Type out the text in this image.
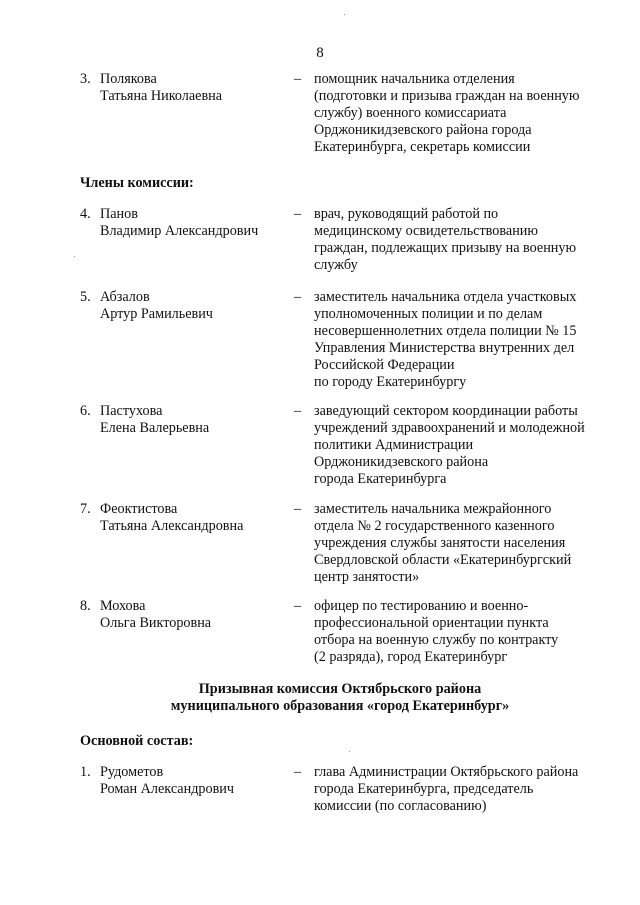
8
3. Полякова
Татьяна Николаевна
– помощник начальника отделения
(подготовки и призыва граждан на военную
службу) военного комиссариата
Орджоникидзевского района города
Екатеринбурга, секретарь комиссии
Члены комиссии:
4. Панов
Владимир Александрович
– врач, руководящий работой по
медицинскому освидетельствованию
граждан, подлежащих призыву на военную
службу
5. Абзалов
Артур Рамильевич
– заместитель начальника отдела участковых
уполномоченных полиции и по делам
несовершеннолетних отдела полиции № 15
Управления Министерства внутренних дел
Российской Федерации
по городу Екатеринбургу
6. Пастухова
Елена Валерьевна
– заведующий сектором координации работы
учреждений здравоохранений и молодежной
политики Администрации
Орджоникидзевского района
города Екатеринбурга
7. Феоктистова
Татьяна Александровна
– заместитель начальника межрайонного
отдела № 2 государственного казенного
учреждения службы занятости населения
Свердловской области «Екатеринбургский
центр занятости»
8. Мохова
Ольга Викторовна
– офицер по тестированию и военно-
профессиональной ориентации пункта
отбора на военную службу по контракту
(2 разряда), город Екатеринбург
Призывная комиссия Октябрьского района
муниципального образования «город Екатеринбург»
Основной состав:
1. Рудометов
Роман Александрович
– глава Администрации Октябрьского района
города Екатеринбурга, председатель
комиссии (по согласованию)
